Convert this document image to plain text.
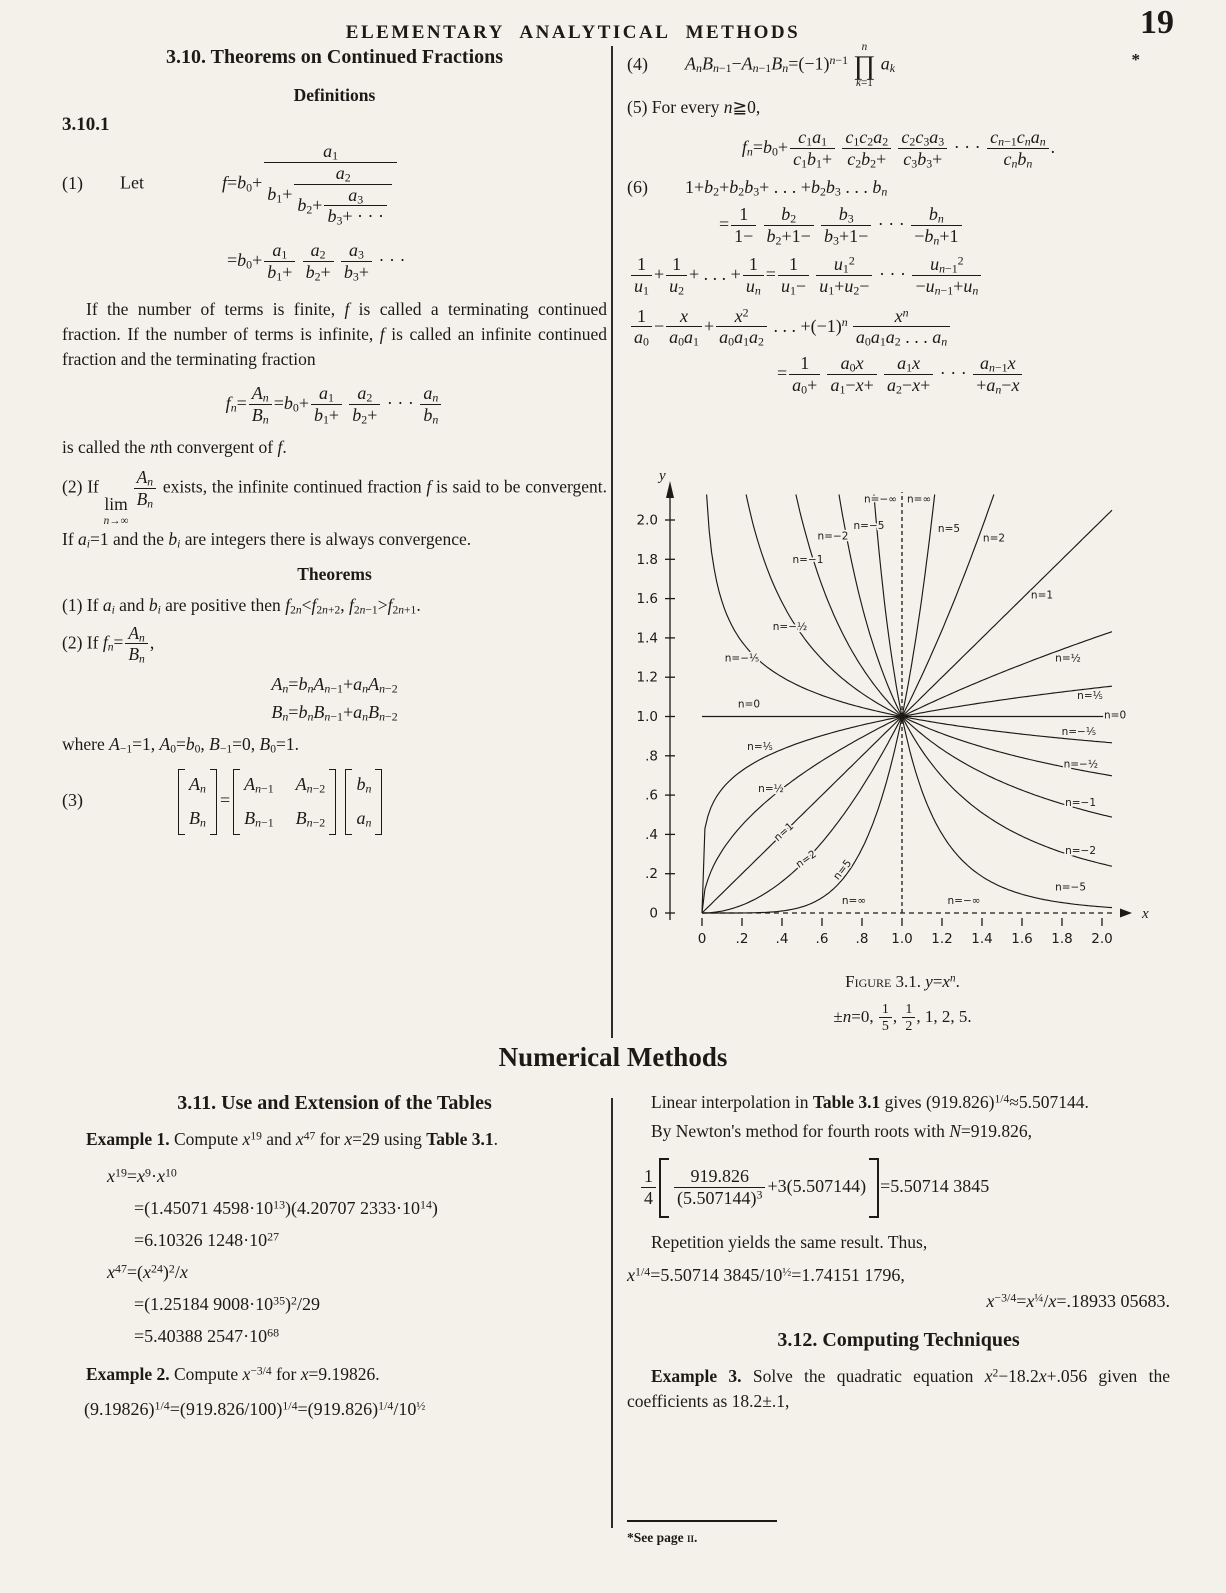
ELEMENTARY ANALYTICAL METHODS	19
*
3.10. Theorems on Continued Fractions
Definitions
3.10.1
(1)	Let	$f=b_0+ \frac{a_1}{b_1+ \frac{a_2}{b_2+ \frac{a_3}{b_3+ \cdot \cdot \cdot}}}$
$=b_0+ \frac{a_1}{b_1+} \frac{a_2}{b_2+} \frac{a_3}{b_3+}$ · · ·
If the number of terms is finite, f is called a terminating continued fraction. If the number of terms is infinite, f is called an infinite continued fraction and the terminating fraction
$f_n= \frac{A_n}{B_n} =b_0+ \frac{a_1}{b_1+} \frac{a_2}{b_2+}$ · · · $\frac{a_n}{b_n}$
is called the nth convergent of f.
(2) If
lim
n→∞
$\frac{A_n}{B_n}$ exists, the infinite continued fraction f is said to be convergent. If $a_i=1$ and the $b_i$ are integers there is always convergence.
Theorems
(1) If $a_i$ and $b_i$ are positive then $f_{2n}<f_{2n+2}$, $f_{2n-1}>f_{2n+1}$.
(2) If $f_n= \frac{A_n}{B_n}$ ,
$A_n=b_nA_{n-1}+a_nA_{n-2}$
$B_n=b_nB_{n-1}+a_nB_{n-2}$
where $A_{-1}=1$, $A_0=b_0$, $B_{-1}=0$, $B_0=1$.
(3)
$A_n$
$B_n$
=
$A_{n-1}$ $A_{n-2}$
$B_{n-1}$ $B_{n-2}$
$b_n$
$a_n$
(4)	$A_nB_{n-1}-A_{n-1}B_n=(-1)^{n-1}$
n
∏
k=1
$a_k$
(5) For every n≧0,
$f_n=b_0+ \frac{c_1a_1}{c_1b_1+} \frac{c_1c_2a_2}{c_2b_2+} \frac{c_2c_3a_3}{c_3b_3+}$ · · · $\frac{c_{n-1}c_na_n}{c_nb_n}$ .
(6)	$1+b_2+b_2b_3+$ . . . $+b_2b_3$ . . . $b_n$
= $\frac{1}{1-} \frac{b_2}{b_2+1-} \frac{b_3}{b_3+1-}$ · · · $\frac{b_n}{-b_n+1}$
$\frac{1}{u_1} + \frac{1}{u_2}$ + . . . + $\frac{1}{u_n} = \frac{1}{u_1-} \frac{u_1^2}{u_1+u_2-}$ · · · $\frac{u_{n-1}^2}{-u_{n-1}+u_n}$
$\frac{1}{a_0} - \frac{x}{a_0a_1} + \frac{x^2}{a_0a_1a_2}$ . . . $+(-1)^n \frac{x^n}{a_0a_1a_2 . . . a_n}$
= $\frac{1}{a_0+} \frac{a_0x}{a_1-x+} \frac{a_1x}{a_2-x+}$ · · · $\frac{a_{n-1}x}{+a_n-x}$
y
0
.2
.4
.6
.8
1.0
1.2
1.4
1.6
1.8
2.0
0 .2 .4 .6 .8 1.0 1.2 1.4 1.6 1.8 2.0
x
n=−⅕
n=−½
n=−1
n=−2
n=−5
n=−∞ n=∞
n=5
n=2
n=1
n=½
n=⅕
n=0
n=0
n=⅕
n=½
n=1
n=2 n=5
n=∞	n=−∞
n=−⅕
n=−½
n=−1
n=−2
n=−5
Figure 3.1. $y=x^n$.
±n=0, $\frac{1}{5}$ , $\frac{1}{2}$ , 1, 2, 5.
Numerical Methods
3.11. Use and Extension of the Tables
Example 1. Compute $x^{19}$ and $x^{47}$ for x=29 using Table 3.1.
$x^{19}=x^9\cdot x^{10}$
=(1.45071 $4598\cdot 10^{13})(4.20707$ $2333\cdot 10^{14}$)
=6.10326 $1248\cdot 10^{27}$
$x^{47}=(x^{24})^2/x$
=(1.25184 $9008\cdot 10^{35})^2/29$
=5.40388 $2547\cdot 10^{68}$
Example 2. Compute $x^{-3/4}$ for x=9.19826.
$(9.19826)^{1/4}=(919.826/100)^{1/4}=(919.826)^{1/4}/10^{\frac{1}{2}}$
Linear interpolation in Table 3.1 gives $(919.826)^{1/4}\approx 5.507144$.
By Newton's method for fourth roots with N=919.826,
$\frac{1}{4} \frac{919.826}{(5.507144)^3} +3(5.507144) =5.50714$ 3845
Repetition yields the same result. Thus,
$x^{1/4}=5.50714$ $3845/10^{\frac{1}{2}}=1.74151$ 1796,
$x^{-3/4}=x^{\frac{1}{4}}/x=.18933$ 05683.
3.12. Computing Techniques
Example 3. Solve the quadratic equation $x^2-18.2x+.056$ given the coefficients as 18.2±.1,
*See page ii.
